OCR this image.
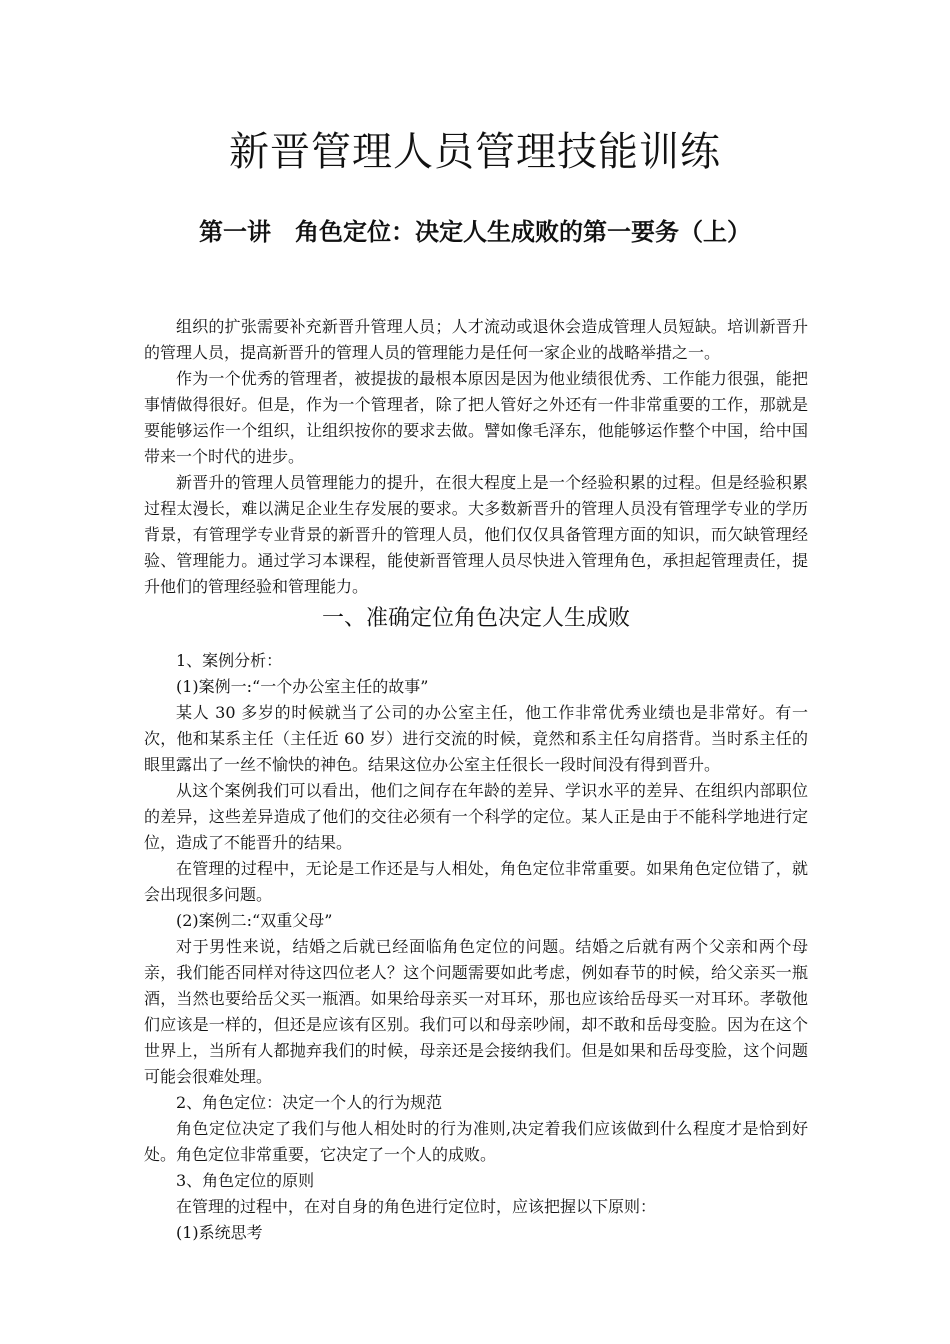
新晋管理人员管理技能训练
第一讲　角色定位：决定人生成败的第一要务（上）

组织的扩张需要补充新晋升管理人员；人才流动或退休会造成管理人员短缺。培训新晋升的管理人员，提高新晋升的管理人员的管理能力是任何一家企业的战略举措之一。

作为一个优秀的管理者，被提拔的最根本原因是因为他业绩很优秀、工作能力很强，能把事情做得很好。但是，作为一个管理者，除了把人管好之外还有一件非常重要的工作，那就是要能够运作一个组织，让组织按你的要求去做。譬如像毛泽东，他能够运作整个中国，给中国带来一个时代的进步。

新晋升的管理人员管理能力的提升，在很大程度上是一个经验积累的过程。但是经验积累过程太漫长，难以满足企业生存发展的要求。大多数新晋升的管理人员没有管理学专业的学历背景，有管理学专业背景的新晋升的管理人员，他们仅仅具备管理方面的知识，而欠缺管理经验、管理能力。通过学习本课程，能使新晋管理人员尽快进入管理角色，承担起管理责任，提升他们的管理经验和管理能力。

一、准确定位角色决定人生成败

1、案例分析：

(1)案例一:“一个办公室主任的故事”

某人 30 多岁的时候就当了公司的办公室主任，他工作非常优秀业绩也是非常好。有一次，他和某系主任（主任近 60 岁）进行交流的时候，竟然和系主任勾肩搭背。当时系主任的眼里露出了一丝不愉快的神色。结果这位办公室主任很长一段时间没有得到晋升。

从这个案例我们可以看出，他们之间存在年龄的差异、学识水平的差异、在组织内部职位的差异，这些差异造成了他们的交往必须有一个科学的定位。某人正是由于不能科学地进行定位，造成了不能晋升的结果。

在管理的过程中，无论是工作还是与人相处，角色定位非常重要。如果角色定位错了，就会出现很多问题。

(2)案例二:“双重父母”

对于男性来说，结婚之后就已经面临角色定位的问题。结婚之后就有两个父亲和两个母亲，我们能否同样对待这四位老人？这个问题需要如此考虑，例如春节的时候，给父亲买一瓶酒，当然也要给岳父买一瓶酒。如果给母亲买一对耳环，那也应该给岳母买一对耳环。孝敬他们应该是一样的，但还是应该有区别。我们可以和母亲吵闹，却不敢和岳母变脸。因为在这个世界上，当所有人都抛弃我们的时候，母亲还是会接纳我们。但是如果和岳母变脸，这个问题可能会很难处理。

2、角色定位：决定一个人的行为规范

角色定位决定了我们与他人相处时的行为准则,决定着我们应该做到什么程度才是恰到好处。角色定位非常重要，它决定了一个人的成败。

3、角色定位的原则

在管理的过程中，在对自身的角色进行定位时，应该把握以下原则：

(1)系统思考
